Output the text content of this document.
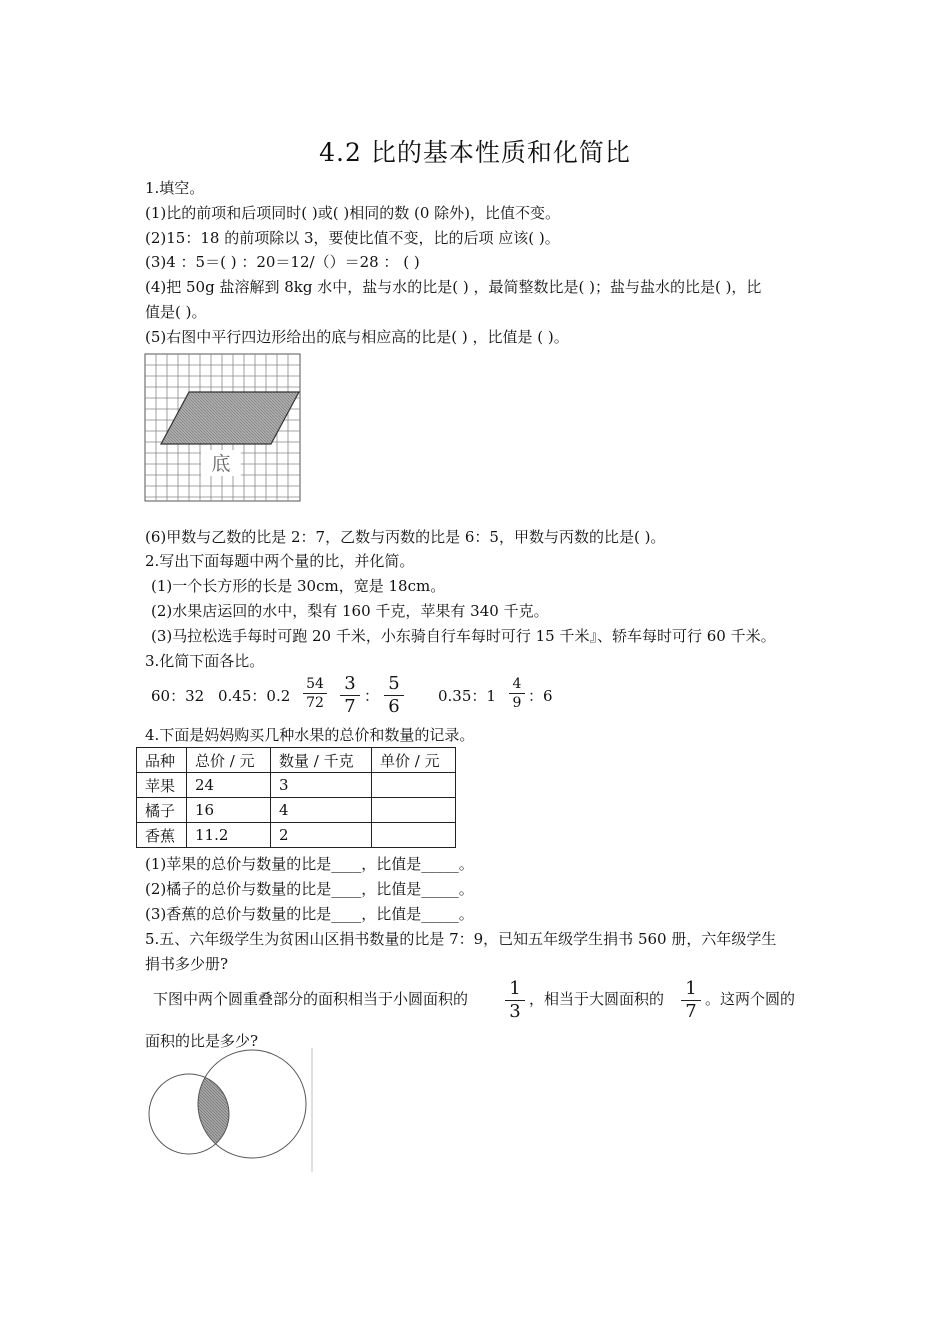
4.2 比的基本性质和化简比
1.填空。
(1)比的前项和后项同时( )或( )相同的数 (0 除外)，比值不变。
(2)15：18 的前项除以 3，要使比值不变，比的后项 应该( )。
(3)4 ：5＝( ) ：20＝12/（）＝28 ： ( )
(4)把 50g 盐溶解到 8kg 水中，盐与水的比是( ) ，最简整数比是( )；盐与盐水的比是( )，比
值是( )。
(5)右图中平行四边形给出的底与相应高的比是( ) ，比值是 ( )。
底
(6)甲数与乙数的比是 2：7，乙数与丙数的比是 6：5，甲数与丙数的比是( )。
2.写出下面每题中两个量的比，并化简。
(1)一个长方形的长是 30cm，宽是 18cm。
(2)水果店运回的水中，梨有 160 千克，苹果有 340 千克。
(3)马拉松选手每时可跑 20 千米，小东骑自行车每时可行 15 千米』、轿车每时可行 60 千米。
3.化简下面各比。
60：32 0.45：0.2
54
72
3
7 ：
5
6	0.35：1
4
9 ：6
4.下面是妈妈购买几种水果的总价和数量的记录。
品种	总价 / 元	数量 / 千克	单价 / 元
苹果	24	3	
橘子	16	4	
香蕉	11.2	2	
(1)苹果的总价与数量的比是____，比值是_____。
(2)橘子的总价与数量的比是____，比值是_____。
(3)香蕉的总价与数量的比是____，比值是_____。
5.五、六年级学生为贫困山区捐书数量的比是 7：9，已知五年级学生捐书 560 册，六年级学生
捐书多少册?
下图中两个圆重叠部分的面积相当于小圆面积的 1
3
，相当于大圆面积的 1
7
。这两个圆的
面积的比是多少?
